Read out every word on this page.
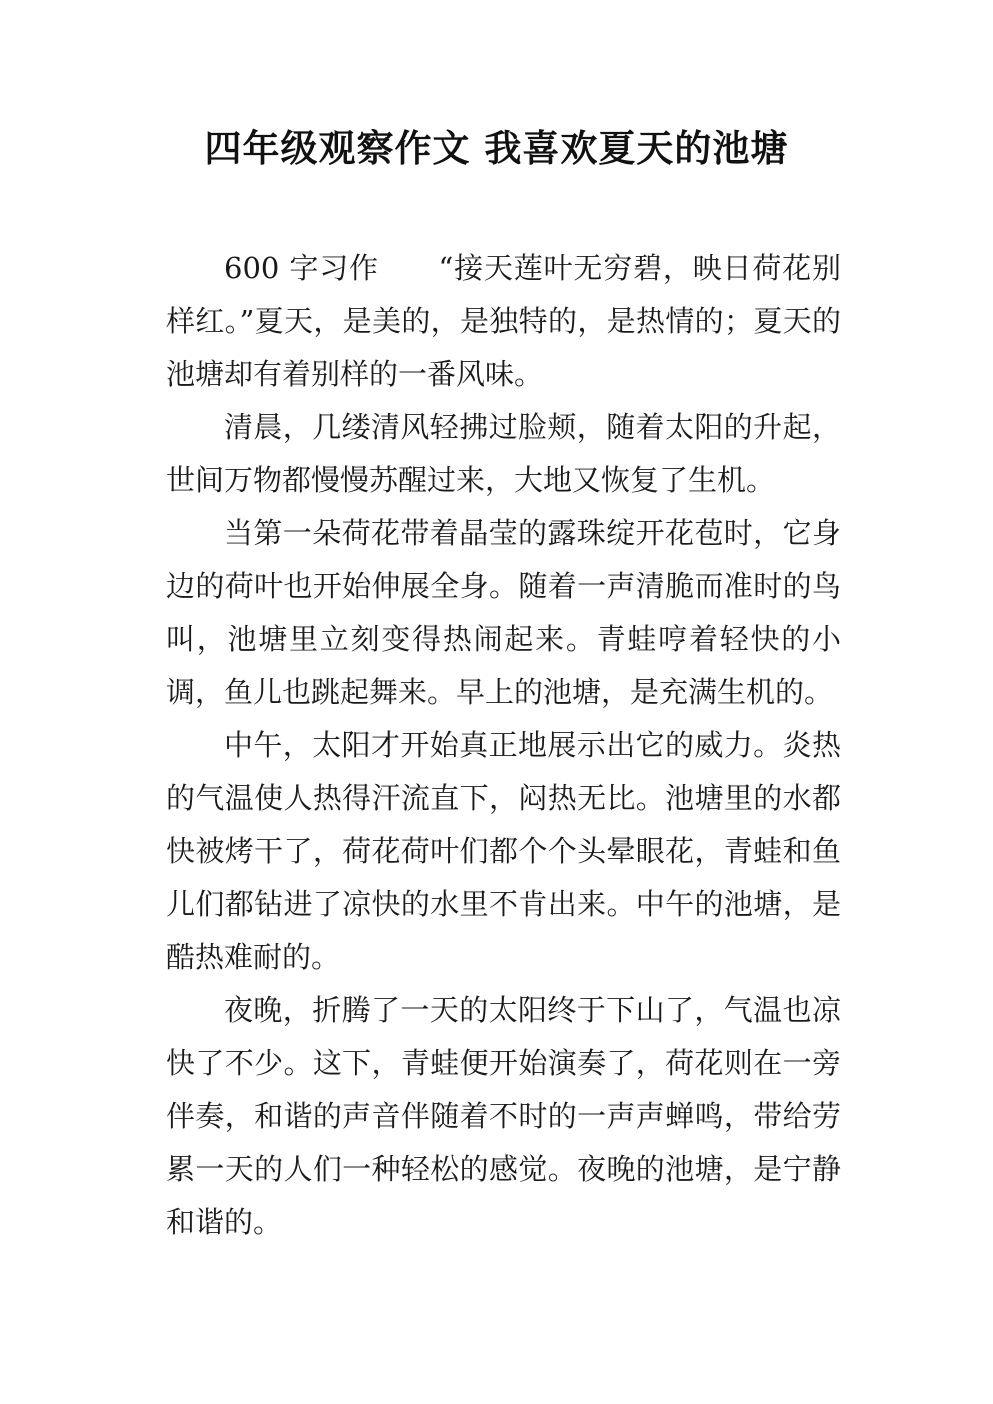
四年级观察作文 我喜欢夏天的池塘

600 字习作　　“接天莲叶无穷碧，映日荷花别样红。”夏天，是美的，是独特的，是热情的；夏天的池塘却有着别样的一番风味。

清晨，几缕清风轻拂过脸颊，随着太阳的升起，世间万物都慢慢苏醒过来，大地又恢复了生机。

当第一朵荷花带着晶莹的露珠绽开花苞时，它身边的荷叶也开始伸展全身。随着一声清脆而准时的鸟叫，池塘里立刻变得热闹起来。青蛙哼着轻快的小调，鱼儿也跳起舞来。早上的池塘，是充满生机的。

中午，太阳才开始真正地展示出它的威力。炎热的气温使人热得汗流直下，闷热无比。池塘里的水都快被烤干了，荷花荷叶们都个个头晕眼花，青蛙和鱼儿们都钻进了凉快的水里不肯出来。中午的池塘，是酷热难耐的。

夜晚，折腾了一天的太阳终于下山了，气温也凉快了不少。这下，青蛙便开始演奏了，荷花则在一旁伴奏，和谐的声音伴随着不时的一声声蝉鸣，带给劳累一天的人们一种轻松的感觉。夜晚的池塘，是宁静和谐的。
